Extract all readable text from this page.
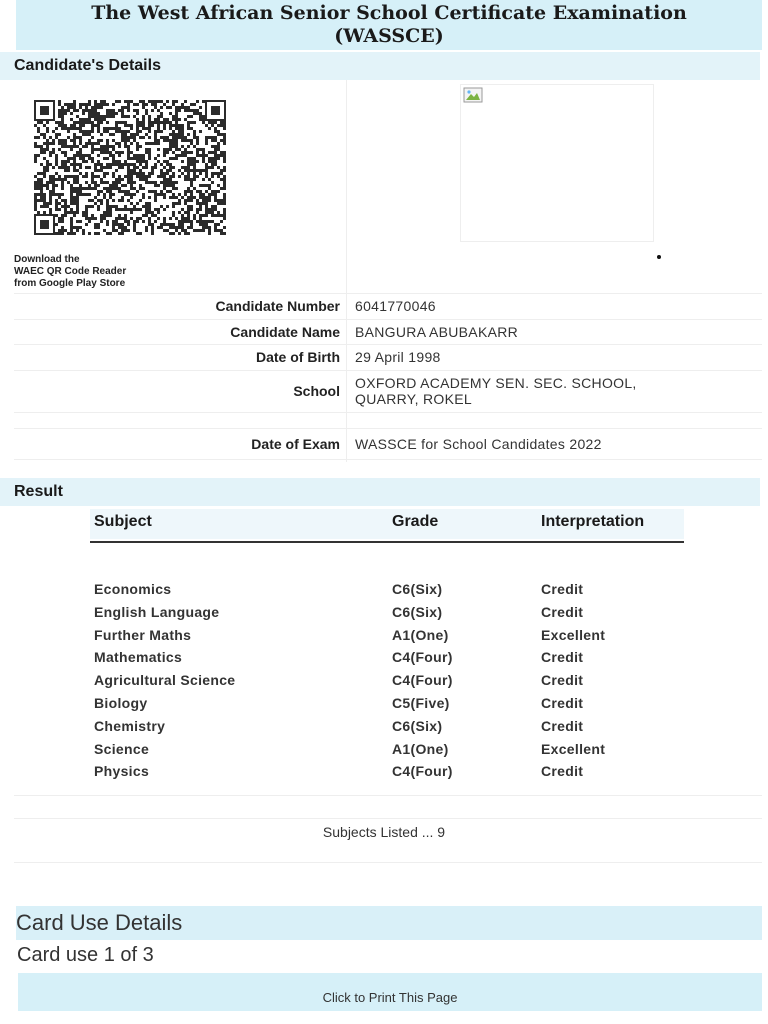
The West African Senior School Certificate Examination
(WASSCE)
Candidate's Details
Download the
WAEC QR Code Reader
from Google Play Store
Candidate Number 6041770046
Candidate Name BANGURA ABUBAKARR
Date of Birth 29 April 1998
School OXFORD ACADEMY SEN. SEC. SCHOOL,
QUARRY, ROKEL
Date of Exam WASSCE for School Candidates 2022
Result
Subject	Grade	Interpretation
Economics	C6(Six)	Credit
English Language	C6(Six)	Credit
Further Maths	A1(One)	Excellent
Mathematics	C4(Four)	Credit
Agricultural Science	C4(Four)	Credit
Biology	C5(Five)	Credit
Chemistry	C6(Six)	Credit
Science	A1(One)	Excellent
Physics	C4(Four)	Credit
Subjects Listed ... 9
Card Use Details
Card use 1 of 3
Click to Print This Page
